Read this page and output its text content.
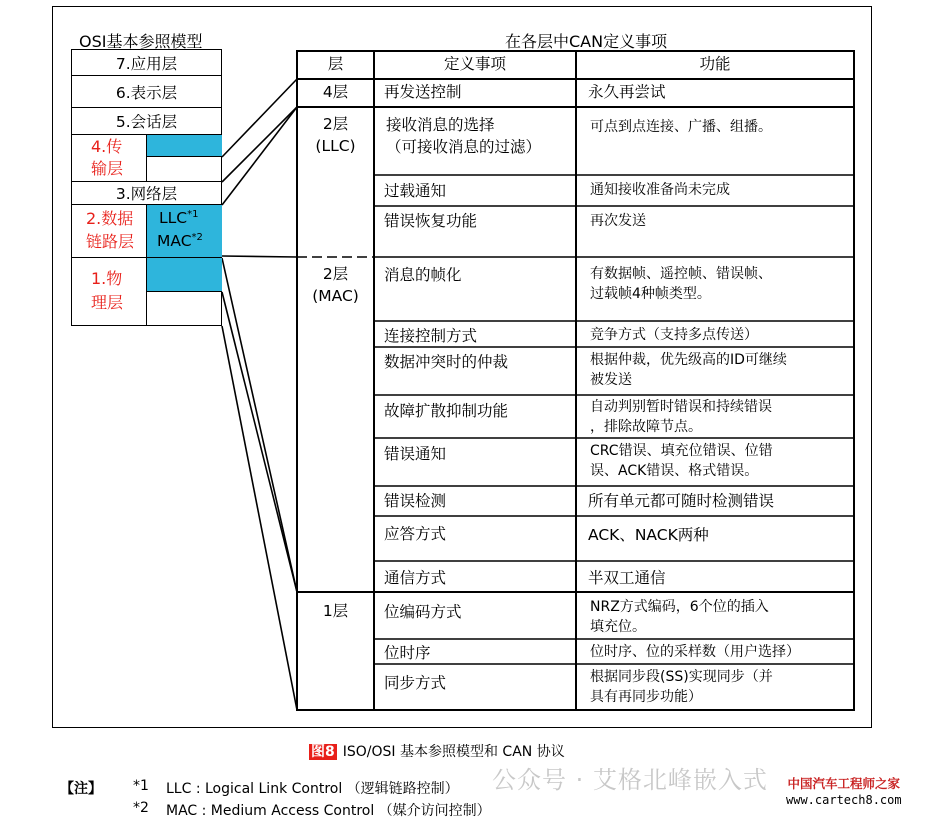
OSI基本参照模型
7.应用层
6.表示层
5.会话层
4.传
输层
3.网络层
2.数据
链路层
LLC$^{*1}$
MAC$^{*2}$
1.物
理层
在各层中CAN定义事项
层	定义事项	功能
4层
2层
(LLC)
2层
(MAC)
1层
再发送控制
接收消息的选择
（可接收消息的过滤）
过载通知
错误恢复功能
消息的帧化
连接控制方式
数据冲突时的仲裁
故障扩散抑制功能
错误通知
错误检测
应答方式
通信方式
位编码方式
位时序
同步方式
永久再尝试
可点到点连接、广播、组播。
通知接收准备尚未完成
再次发送
有数据帧、遥控帧、错误帧、
过载帧4种帧类型。
竞争方式（支持多点传送）
根据仲裁，优先级高的ID可继续
被发送
自动判别暂时错误和持续错误
，排除故障节点。
CRC错误、填充位错误、位错
误、ACK错误、格式错误。
所有单元都可随时检测错误
ACK、NACK两种
半双工通信
NRZ方式编码，6个位的插入
填充位。
位时序、位的采样数（用户选择）
根据同步段(SS)实现同步（并
具有再同步功能）
图8 ISO/OSI 基本参照模型和 CAN 协议
公众号 · 艾格北峰嵌入式 中国汽车工程师之家
www.cartech8.com
【注】 *1 LLC : Logical Link Control （逻辑链路控制）
*2 MAC : Medium Access Control （媒介访问控制）
